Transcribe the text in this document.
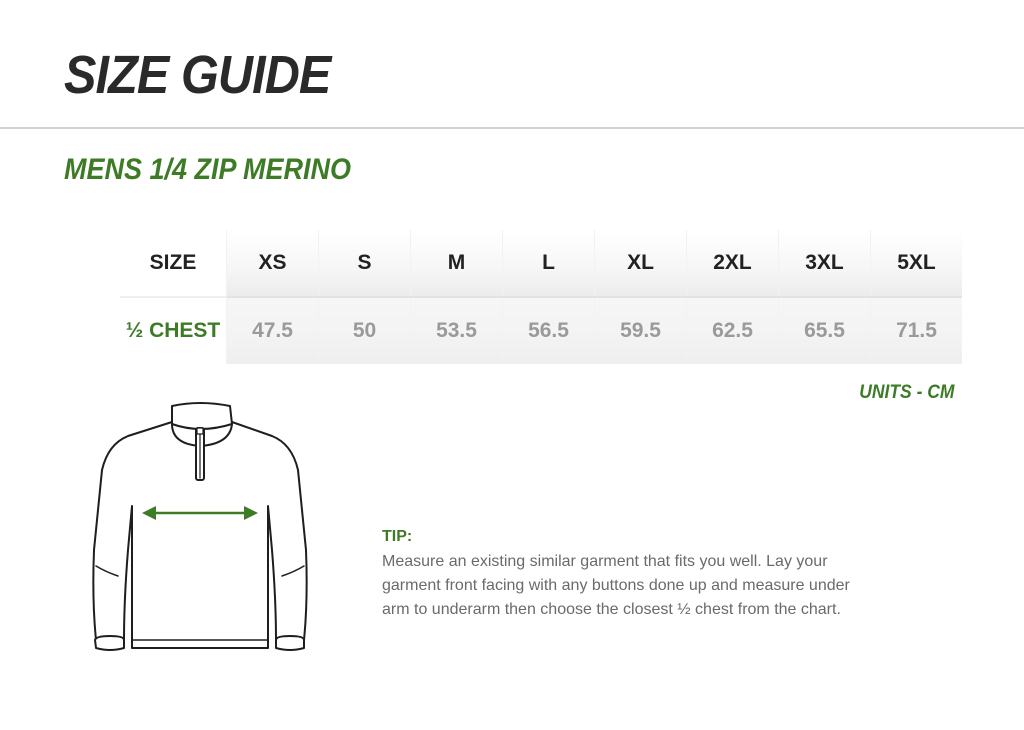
SIZE GUIDE
MENS 1/4 ZIP MERINO
SIZE	XS	S	M	L	XL	2XL	3XL	5XL
½ CHEST	47.5	50	53.5	56.5	59.5	62.5	65.5	71.5
UNITS - CM

TIP:

Measure an existing similar garment that fits you well. Lay your
garment front facing with any buttons done up and measure under
arm to underarm then choose the closest ½ chest from the chart.
